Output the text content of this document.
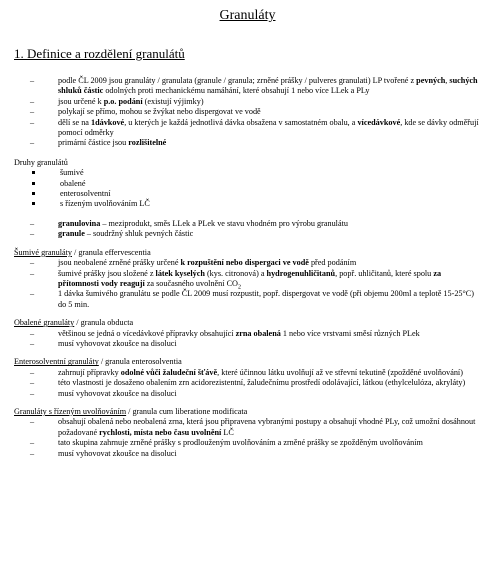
Granuláty
1. Definice a rozdělení granulátů
– podle ČL 2009 jsou granuláty / granulata (granule / granula; zrněné prášky / pulveres granulati) LP tvořené z pevných, suchých shluků částic odolných proti mechanickému namáhání, které obsahují 1 nebo více LLek a PLy
– jsou určené k p.o. podání (existují výjimky)
– polykají se přímo, mohou se žvýkat nebo dispergovat ve vodě
– dělí se na 1dávkové, u kterých je každá jednotlivá dávka obsažena v samostatném obalu, a vícedávkové, kde se dávky odměřují pomocí odměrky
– primární částice jsou rozlišitelné
Druhy granulátů
šumivé
obalené
enterosolventní
s řízeným uvolňováním LČ
– granulovina – meziprodukt, směs LLek a PLek ve stavu vhodném pro výrobu granulátu
– granule – soudržný shluk pevných částic
Šumivé granuláty / granula effervescentia
– jsou neobalené zrněné prášky určené k rozpuštění nebo dispergaci ve vodě před podáním
– šumivé prášky jsou složené z látek kyselých (kys. citronová) a hydrogenuhličitanů, popř. uhličitanů, které spolu za přítomnosti vody reagují za současného uvolnění $CO_2$
– 1 dávka šumivého granulátu se podle ČL 2009 musí rozpustit, popř. dispergovat ve vodě (při objemu 200ml a teplotě 15-25°C) do 5 min.
Obalené granuláty / granula obducta
– většinou se jedná o vícedávkové přípravky obsahující zrna obalená 1 nebo více vrstvami směsí různých PLek
– musí vyhovovat zkoušce na disoluci
Enterosolventní granuláty / granula enterosolventia
– zahrnují přípravky odolné vůči žaludeční šťávě, které účinnou látku uvolňují až ve střevní tekutině (zpožděné uvolňování)
– této vlastnosti je dosaženo obalením zrn acidorezistentní, žaludečnímu prostředí odolávající, látkou (ethylcelulóza, akryláty)
– musí vyhovovat zkoušce na disoluci
Granuláty s řízeným uvolňováním / granula cum liberatione modificata
– obsahují obalená nebo neobalená zrna, která jsou připravena vybranými postupy a obsahují vhodné PLy, což umožní dosáhnout požadované rychlosti, místa nebo času uvolnění LČ
– tato skupina zahrnuje zrněné prášky s prodlouženým uvolňováním a zrněné prášky se zpožděným uvolňováním
– musí vyhovovat zkoušce na disoluci
